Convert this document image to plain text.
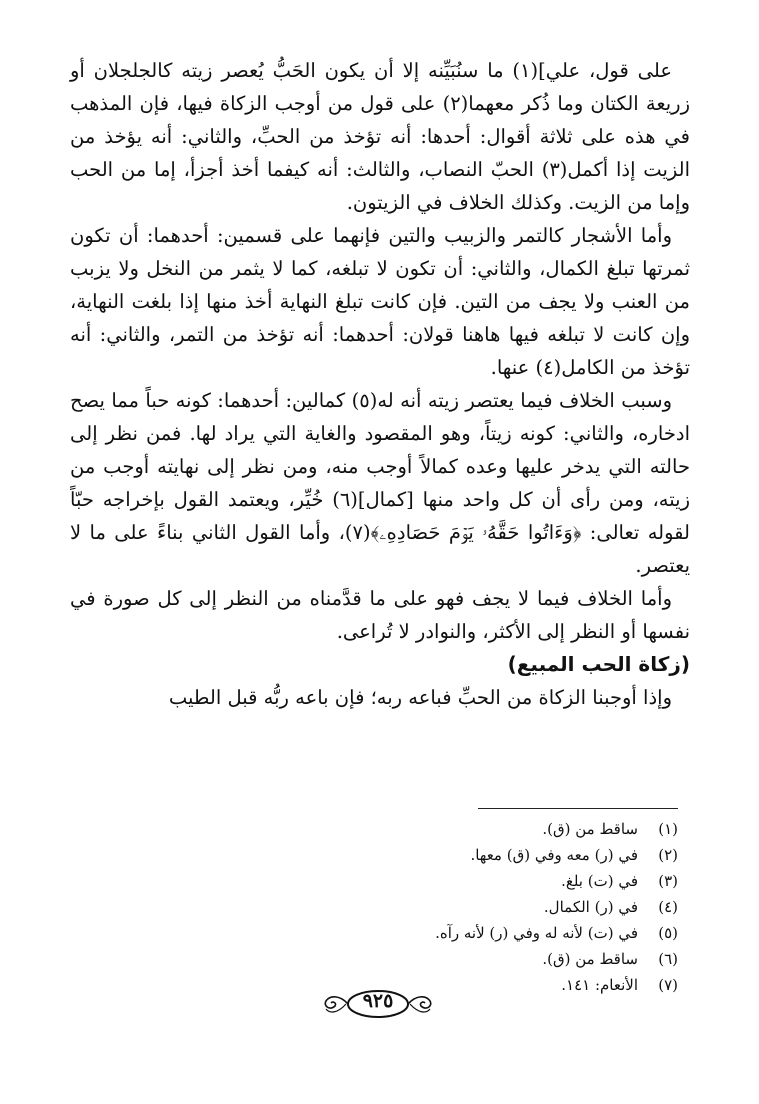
على قول، علي](١) ما سنُبَيِّنه إلا أن يكون الحَبُّ يُعصر زيته كالجلجلان أو زريعة الكتان وما ذُكر معهما(٢) على قول من أوجب الزكاة فيها، فإن المذهب في هذه على ثلاثة أقوال: أحدها: أنه تؤخذ من الحبِّ، والثاني: أنه يؤخذ من الزيت إذا أكمل(٣) الحبّ النصاب، والثالث: أنه كيفما أخذ أجزأ، إما من الحب وإما من الزيت. وكذلك الخلاف في الزيتون.

وأما الأشجار كالتمر والزبيب والتين فإنهما على قسمين: أحدهما: أن تكون ثمرتها تبلغ الكمال، والثاني: أن تكون لا تبلغه، كما لا يثمر من النخل ولا يزبب من العنب ولا يجف من التين. فإن كانت تبلغ النهاية أخذ منها إذا بلغت النهاية، وإن كانت لا تبلغه فيها هاهنا قولان: أحدهما: أنه تؤخذ من التمر، والثاني: أنه تؤخذ من الكامل(٤) عنها.

وسبب الخلاف فيما يعتصر زيته أنه له(٥) كمالين: أحدهما: كونه حباً مما يصح ادخاره، والثاني: كونه زيتاً، وهو المقصود والغاية التي يراد لها. فمن نظر إلى حالته التي يدخر عليها وعده كمالاً أوجب منه، ومن نظر إلى نهايته أوجب من زيته، ومن رأى أن كل واحد منها [كمال](٦) خُيِّر، ويعتمد القول بإخراجه حبّاً لقوله تعالى: ﴿وَءَاتُوا حَقَّهُۥ يَوۡمَ حَصَادِهِۦ﴾(٧)، وأما القول الثاني بناءً على ما لا يعتصر.

وأما الخلاف فيما لا يجف فهو على ما قدَّمناه من النظر إلى كل صورة في نفسها أو النظر إلى الأكثر، والنوادر لا تُراعى.

(زكاة الحب المبيع)

وإذا أوجبنا الزكاة من الحبِّ فباعه ربه؛ فإن باعه ربُّه قبل الطيب

(١)
ساقط من (ق).
(٢)
في (ر) معه وفي (ق) معها.
(٣)
في (ت) بلغ.
(٤)
في (ر) الكمال.
(٥)
في (ت) لأنه له وفي (ر) لأنه رآه.
(٦)
ساقط من (ق).
(٧)
الأنعام: ١٤١.
٩٢٥
